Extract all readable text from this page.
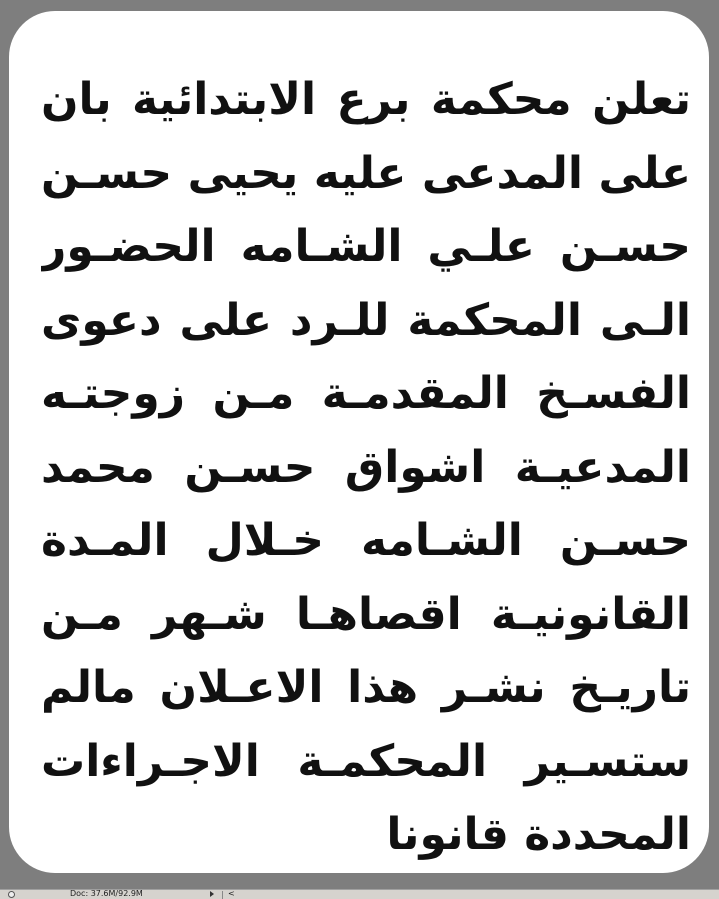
تعلن محكمة برع الابتدائية بان
على المدعى عليه يحيى حسـن
حسـن علـي الشـامه الحضـور
الـى المحكمة للـرد على دعوى
الفسـخ المقدمـة مـن زوجتـه
المدعيـة اشواق حسـن محمد
حسـن الشـامه خـلال المـدة
القانونيـة اقصاهـا شـهر مـن
تاريـخ نشـر هذا الاعـلان مالم
ستسـير المحكمـة الاجـراءات
المحددة قانونا
Doc: 37.6M/92.9M	<
